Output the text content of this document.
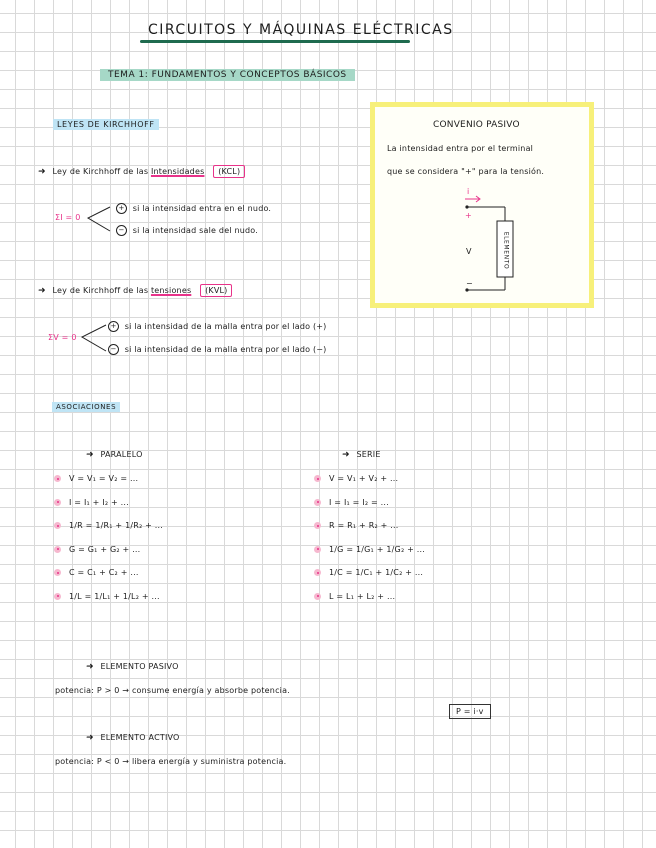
CIRCUITOS Y MÁQUINAS ELÉCTRICAS
TEMA 1: FUNDAMENTOS Y CONCEPTOS BÁSICOS
LEYES DE KIRCHHOFF
➜ Ley de Kirchhoff de las Intensidades (KCL)
ΣI = 0
+ si la intensidad entra en el nudo.
− si la intensidad sale del nudo.
➜ Ley de Kirchhoff de las tensiones (KVL)
ΣV = 0
+ si la intensidad de la malla entra por el lado (+)
− si la intensidad de la malla entra por el lado (−)
CONVENIO PASIVO
La intensidad entra por el terminal
que se considera "+" para la tensión.
i
+
V
−
ELEMENTO
ASOCIACIONES
➜ PARALELO
V = V₁ = V₂ = ...
I = I₁ + I₂ + ...
1/R = 1/R₁ + 1/R₂ + ...
G = G₁ + G₂ + ...
C = C₁ + C₂ + ...
1/L = 1/L₁ + 1/L₂ + ...
➜ SERIE
V = V₁ + V₂ + ...
I = I₁ = I₂ = ...
R = R₁ + R₂ + ...
1/G = 1/G₁ + 1/G₂ + ...
1/C = 1/C₁ + 1/C₂ + ...
L = L₁ + L₂ + ...
➜ ELEMENTO PASIVO
potencia: P > 0 → consume energía y absorbe potencia.
P = i·v
➜ ELEMENTO ACTIVO
potencia: P < 0 → libera energía y suministra potencia.
